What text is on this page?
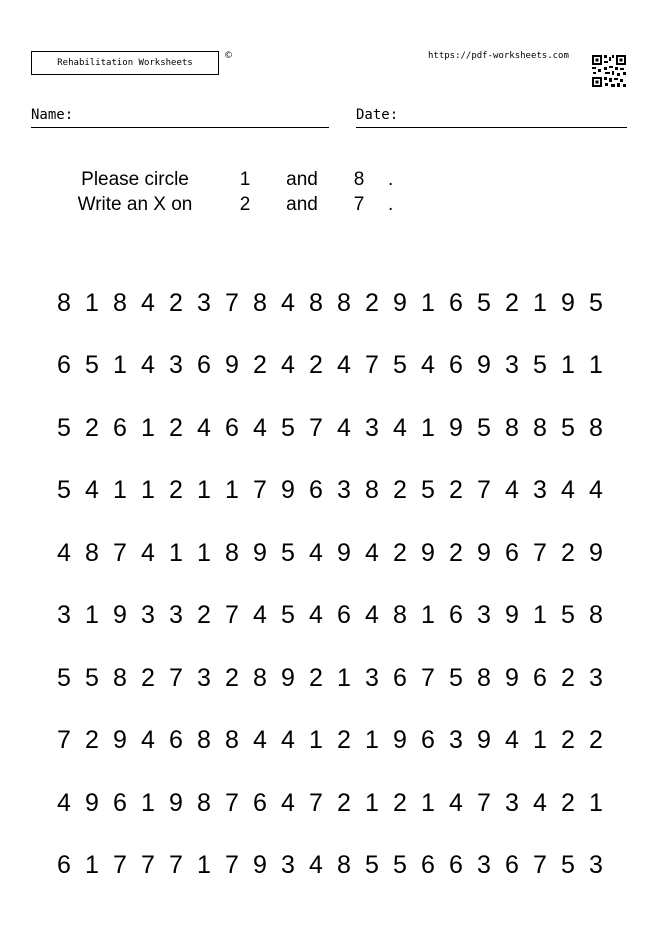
Rehabilitation Worksheets
©	https://pdf-worksheets.com
Name:	Date:
Please circle	1	and	8	.
Write an X on	2	and	7	.
8 1 8 4 2 3 7 8 4 8 8 2 9 1 6 5 2 1 9 5
6 5 1 4 3 6 9 2 4 2 4 7 5 4 6 9 3 5 1 1
5 2 6 1 2 4 6 4 5 7 4 3 4 1 9 5 8 8 5 8
5 4 1 1 2 1 1 7 9 6 3 8 2 5 2 7 4 3 4 4
4 8 7 4 1 1 8 9 5 4 9 4 2 9 2 9 6 7 2 9
3 1 9 3 3 2 7 4 5 4 6 4 8 1 6 3 9 1 5 8
5 5 8 2 7 3 2 8 9 2 1 3 6 7 5 8 9 6 2 3
7 2 9 4 6 8 8 4 4 1 2 1 9 6 3 9 4 1 2 2
4 9 6 1 9 8 7 6 4 7 2 1 2 1 4 7 3 4 2 1
6 1 7 7 7 1 7 9 3 4 8 5 5 6 6 3 6 7 5 3
